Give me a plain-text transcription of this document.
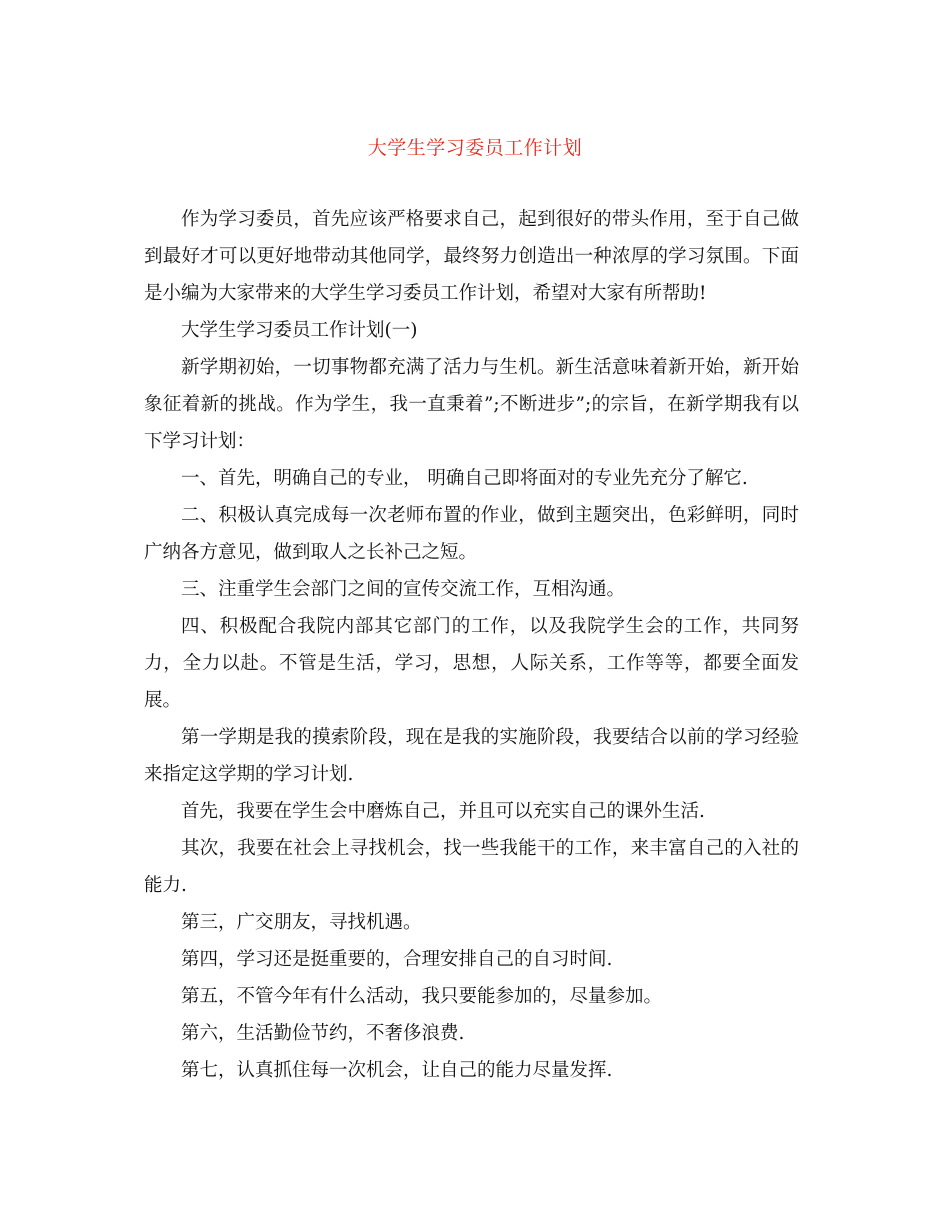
大学生学习委员工作计划

作为学习委员，首先应该严格要求自己，起到很好的带头作用，至于自己做到最好才可以更好地带动其他同学，最终努力创造出一种浓厚的学习氛围。下面是小编为大家带来的大学生学习委员工作计划，希望对大家有所帮助!

大学生学习委员工作计划(一)

新学期初始，一切事物都充满了活力与生机。新生活意味着新开始，新开始象征着新的挑战。作为学生，我一直秉着”;不断进步”;的宗旨，在新学期我有以下学习计划：

一、首先，明确自己的专业， 明确自己即将面对的专业先充分了解它.

二、积极认真完成每一次老师布置的作业，做到主题突出，色彩鲜明，同时广纳各方意见，做到取人之长补己之短。

三、注重学生会部门之间的宣传交流工作，互相沟通。

四、积极配合我院内部其它部门的工作，以及我院学生会的工作，共同努力，全力以赴。不管是生活，学习，思想，人际关系，工作等等，都要全面发展。

第一学期是我的摸索阶段，现在是我的实施阶段，我要结合以前的学习经验来指定这学期的学习计划.

首先，我要在学生会中磨炼自己，并且可以充实自己的课外生活.

其次，我要在社会上寻找机会，找一些我能干的工作，来丰富自己的入社的能力.

第三，广交朋友，寻找机遇。

第四，学习还是挺重要的，合理安排自己的自习时间.

第五，不管今年有什么活动，我只要能参加的，尽量参加。

第六，生活勤俭节约，不奢侈浪费.

第七，认真抓住每一次机会，让自己的能力尽量发挥.
